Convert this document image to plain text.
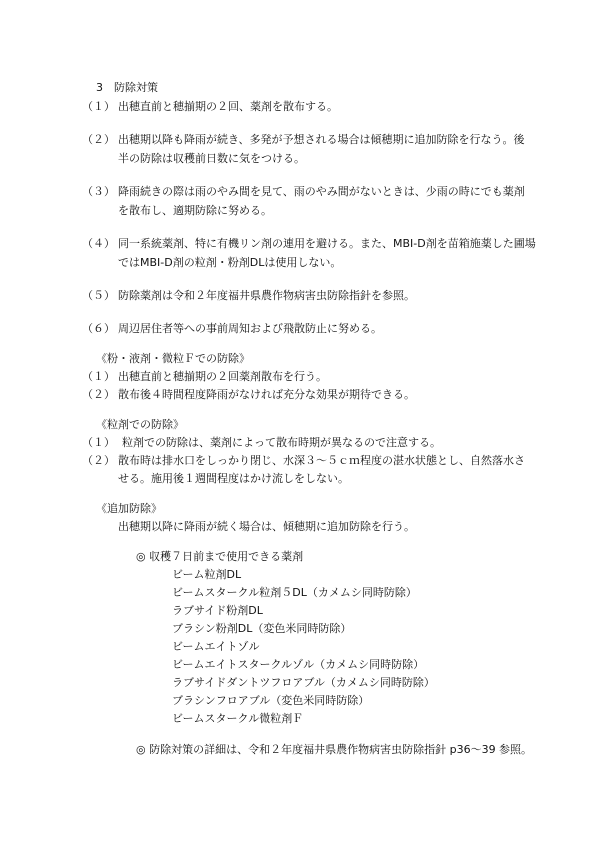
3　防除対策
（１） 出穂直前と穂揃期の２回、薬剤を散布する。
（２） 出穂期以降も降雨が続き、多発が予想される場合は傾穂期に追加防除を行なう。後
半の防除は収穫前日数に気をつける。
（３） 降雨続きの際は雨のやみ間を見て、雨のやみ間がないときは、少雨の時にでも薬剤
を散布し、適期防除に努める。
（４） 同一系統薬剤、特に有機リン剤の連用を避ける。また、MBI-D剤を苗箱施薬した圃場
ではMBI-D剤の粒剤・粉剤DLは使用しない。
（５） 防除薬剤は令和２年度福井県農作物病害虫防除指針を参照。
（６） 周辺居住者等への事前周知および飛散防止に努める。
《粉・液剤・微粒Ｆでの防除》
（１） 出穂直前と穂揃期の２回薬剤散布を行う。
（２） 散布後４時間程度降雨がなければ充分な効果が期待できる。
《粒剤での防除》
（１） 粒剤での防除は、薬剤によって散布時期が異なるので注意する。
（２） 散布時は排水口をしっかり閉じ、水深３～５ｃｍ程度の湛水状態とし、自然落水さ
せる。施用後１週間程度はかけ流しをしない。
《追加防除》
出穂期以降に降雨が続く場合は、傾穂期に追加防除を行う。
◎ 収穫７日前まで使用できる薬剤
ビーム粒剤DL
ビームスタークル粒剤５DL（カメムシ同時防除）
ラブサイド粉剤DL
ブラシン粉剤DL（変色米同時防除）
ビームエイトゾル
ビームエイトスタークルゾル（カメムシ同時防除）
ラブサイドダントツフロアブル（カメムシ同時防除）
ブラシンフロアブル（変色米同時防除）
ビームスタークル微粒剤Ｆ
◎ 防除対策の詳細は、令和２年度福井県農作物病害虫防除指針 p36～39 参照。
